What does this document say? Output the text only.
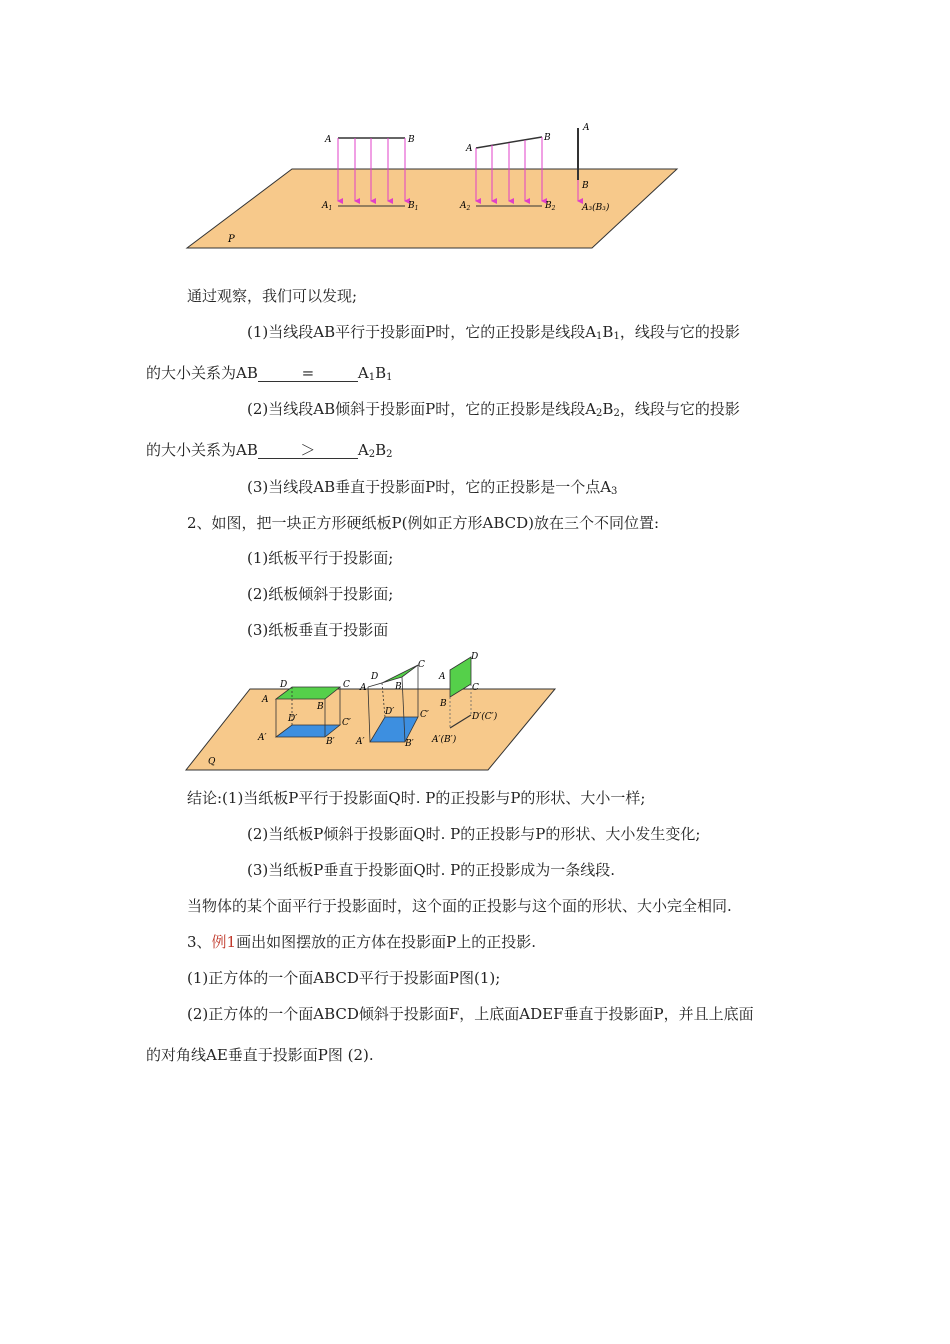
P
A	B
$A_1$	$B_1$
A
B
$A_2$	$B_2$
A
B
A₃(B₃)
通过观察，我们可以发现;
(1)当线段AB平行于投影面P时，它的正投影是线段$A_1B_1$，线段与它的投影
的大小关系为AB	=	$A_1B_1$
(2)当线段AB倾斜于投影面P时，它的正投影是线段$A_2B_2$，线段与它的投影
的大小关系为AB	＞	$A_2B_2$
(3)当线段AB垂直于投影面P时，它的正投影是一个点$A_3$
2、如图，把一块正方形硬纸板P(例如正方形ABCD)放在三个不同位置:
(1)纸板平行于投影面;
(2)纸板倾斜于投影面;
(3)纸板垂直于投影面
Q
D	C
A
B
D′	C′
A′	B′
D
C
A	B
D′	C′
A′	B′
D
A
B
C
D′(C′)
A′(B′)
结论:(1)当纸板P平行于投影面Q时. P的正投影与P的形状、大小一样;
(2)当纸板P倾斜于投影面Q时. P的正投影与P的形状、大小发生变化;
(3)当纸板P垂直于投影面Q时. P的正投影成为一条线段.
当物体的某个面平行于投影面时，这个面的正投影与这个面的形状、大小完全相同.
3、例1画出如图摆放的正方体在投影面P上的正投影.
(1)正方体的一个面ABCD平行于投影面P图(1);
(2)正方体的一个面ABCD倾斜于投影面F，上底面ADEF垂直于投影面P，并且上底面
的对角线AE垂直于投影面P图 (2).
